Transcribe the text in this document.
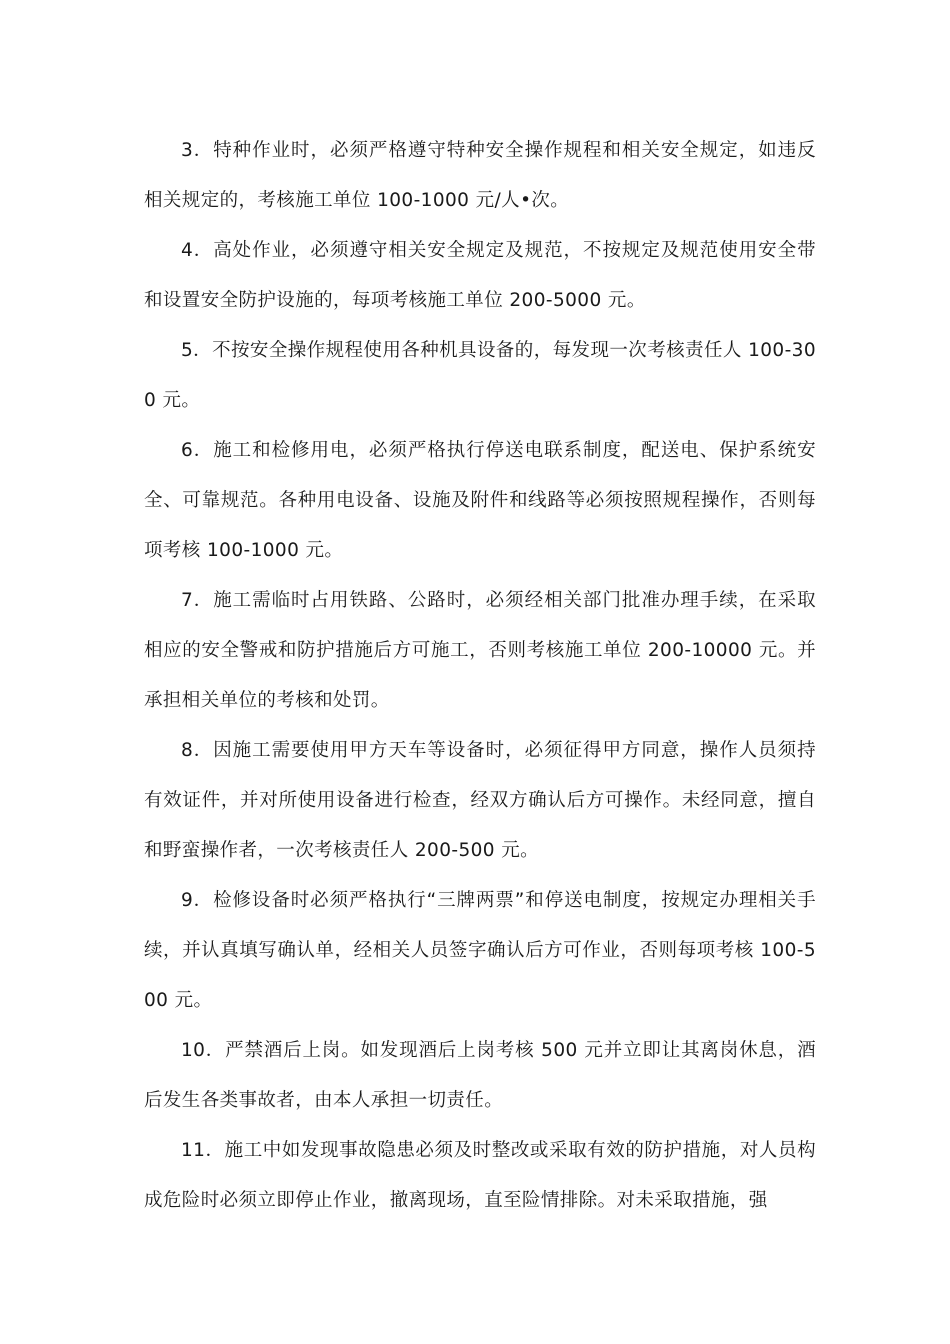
3．特种作业时，必须严格遵守特种安全操作规程和相关安全规定，如违反相关规定的，考核施工单位 100-1000 元/人•次。

4．高处作业，必须遵守相关安全规定及规范，不按规定及规范使用安全带和设置安全防护设施的，每项考核施工单位 200-5000 元。

5．不按安全操作规程使用各种机具设备的，每发现一次考核责任人 100-300 元。

6．施工和检修用电，必须严格执行停送电联系制度，配送电、保护系统安全、可靠规范。各种用电设备、设施及附件和线路等必须按照规程操作，否则每项考核 100-1000 元。

7．施工需临时占用铁路、公路时，必须经相关部门批准办理手续，在采取相应的安全警戒和防护措施后方可施工，否则考核施工单位 200-10000 元。并承担相关单位的考核和处罚。

8．因施工需要使用甲方天车等设备时，必须征得甲方同意，操作人员须持有效证件，并对所使用设备进行检查，经双方确认后方可操作。未经同意，擅自和野蛮操作者，一次考核责任人 200-500 元。

9．检修设备时必须严格执行“三牌两票”和停送电制度，按规定办理相关手续，并认真填写确认单，经相关人员签字确认后方可作业，否则每项考核 100-500 元。

10．严禁酒后上岗。如发现酒后上岗考核 500 元并立即让其离岗休息，酒后发生各类事故者，由本人承担一切责任。

11．施工中如发现事故隐患必须及时整改或采取有效的防护措施，对人员构成危险时必须立即停止作业，撤离现场，直至险情排除。对未采取措施，强
